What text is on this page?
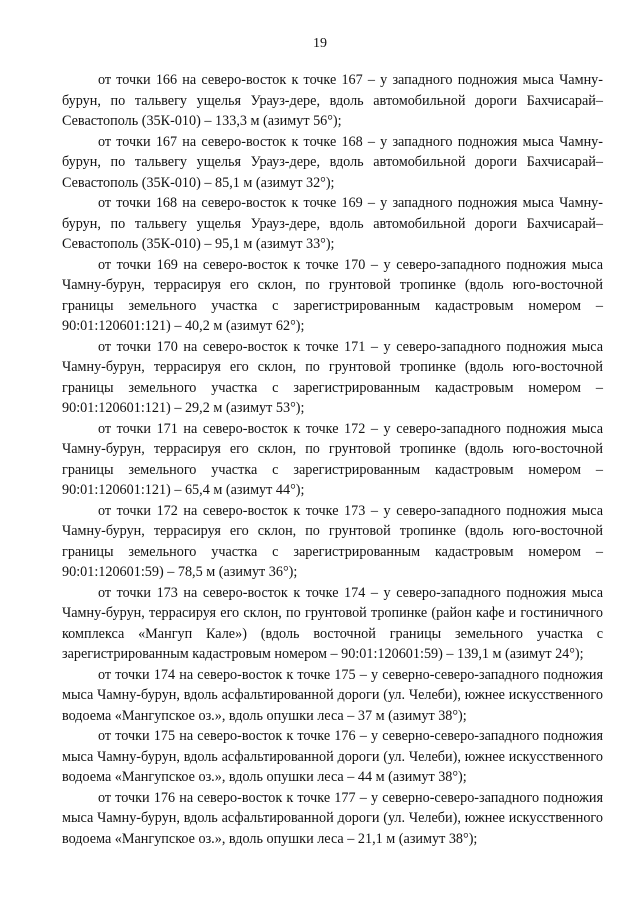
19

от точки 166 на северо-восток к точке 167 – у западного подножия мыса Чамну-бурун, по тальвегу ущелья Урауз-дере, вдоль автомобильной дороги Бахчисарай–Севастополь (35К-010) – 133,3 м (азимут 56°);

от точки 167 на северо-восток к точке 168 – у западного подножия мыса Чамну-бурун, по тальвегу ущелья Урауз-дере, вдоль автомобильной дороги Бахчисарай–Севастополь (35К-010) – 85,1 м (азимут 32°);

от точки 168 на северо-восток к точке 169 – у западного подножия мыса Чамну-бурун, по тальвегу ущелья Урауз-дере, вдоль автомобильной дороги Бахчисарай–Севастополь (35К-010) – 95,1 м (азимут 33°);

от точки 169 на северо-восток к точке 170 – у северо-западного подножия мыса Чамну-бурун, террасируя его склон, по грунтовой тропинке (вдоль юго-восточной границы земельного участка с зарегистрированным кадастровым номером – 90:01:120601:121) – 40,2 м (азимут 62°);

от точки 170 на северо-восток к точке 171 – у северо-западного подножия мыса Чамну-бурун, террасируя его склон, по грунтовой тропинке (вдоль юго-восточной границы земельного участка с зарегистрированным кадастровым номером – 90:01:120601:121) – 29,2 м (азимут 53°);

от точки 171 на северо-восток к точке 172 – у северо-западного подножия мыса Чамну-бурун, террасируя его склон, по грунтовой тропинке (вдоль юго-восточной границы земельного участка с зарегистрированным кадастровым номером – 90:01:120601:121) – 65,4 м (азимут 44°);

от точки 172 на северо-восток к точке 173 – у северо-западного подножия мыса Чамну-бурун, террасируя его склон, по грунтовой тропинке (вдоль юго-восточной границы земельного участка с зарегистрированным кадастровым номером – 90:01:120601:59) – 78,5 м (азимут 36°);

от точки 173 на северо-восток к точке 174 – у северо-западного подножия мыса Чамну-бурун, террасируя его склон, по грунтовой тропинке (район кафе и гостиничного комплекса «Мангуп Кале») (вдоль восточной границы земельного участка с зарегистрированным кадастровым номером – 90:01:120601:59) – 139,1 м (азимут 24°);

от точки 174 на северо-восток к точке 175 – у северно-северо-западного подножия мыса Чамну-бурун, вдоль асфальтированной дороги (ул. Челеби), южнее искусственного водоема «Мангупское оз.», вдоль опушки леса – 37 м (азимут 38°);

от точки 175 на северо-восток к точке 176 – у северно-северо-западного подножия мыса Чамну-бурун, вдоль асфальтированной дороги (ул. Челеби), южнее искусственного водоема «Мангупское оз.», вдоль опушки леса – 44 м (азимут 38°);

от точки 176 на северо-восток к точке 177 – у северно-северо-западного подножия мыса Чамну-бурун, вдоль асфальтированной дороги (ул. Челеби), южнее искусственного водоема «Мангупское оз.», вдоль опушки леса – 21,1 м (азимут 38°);
